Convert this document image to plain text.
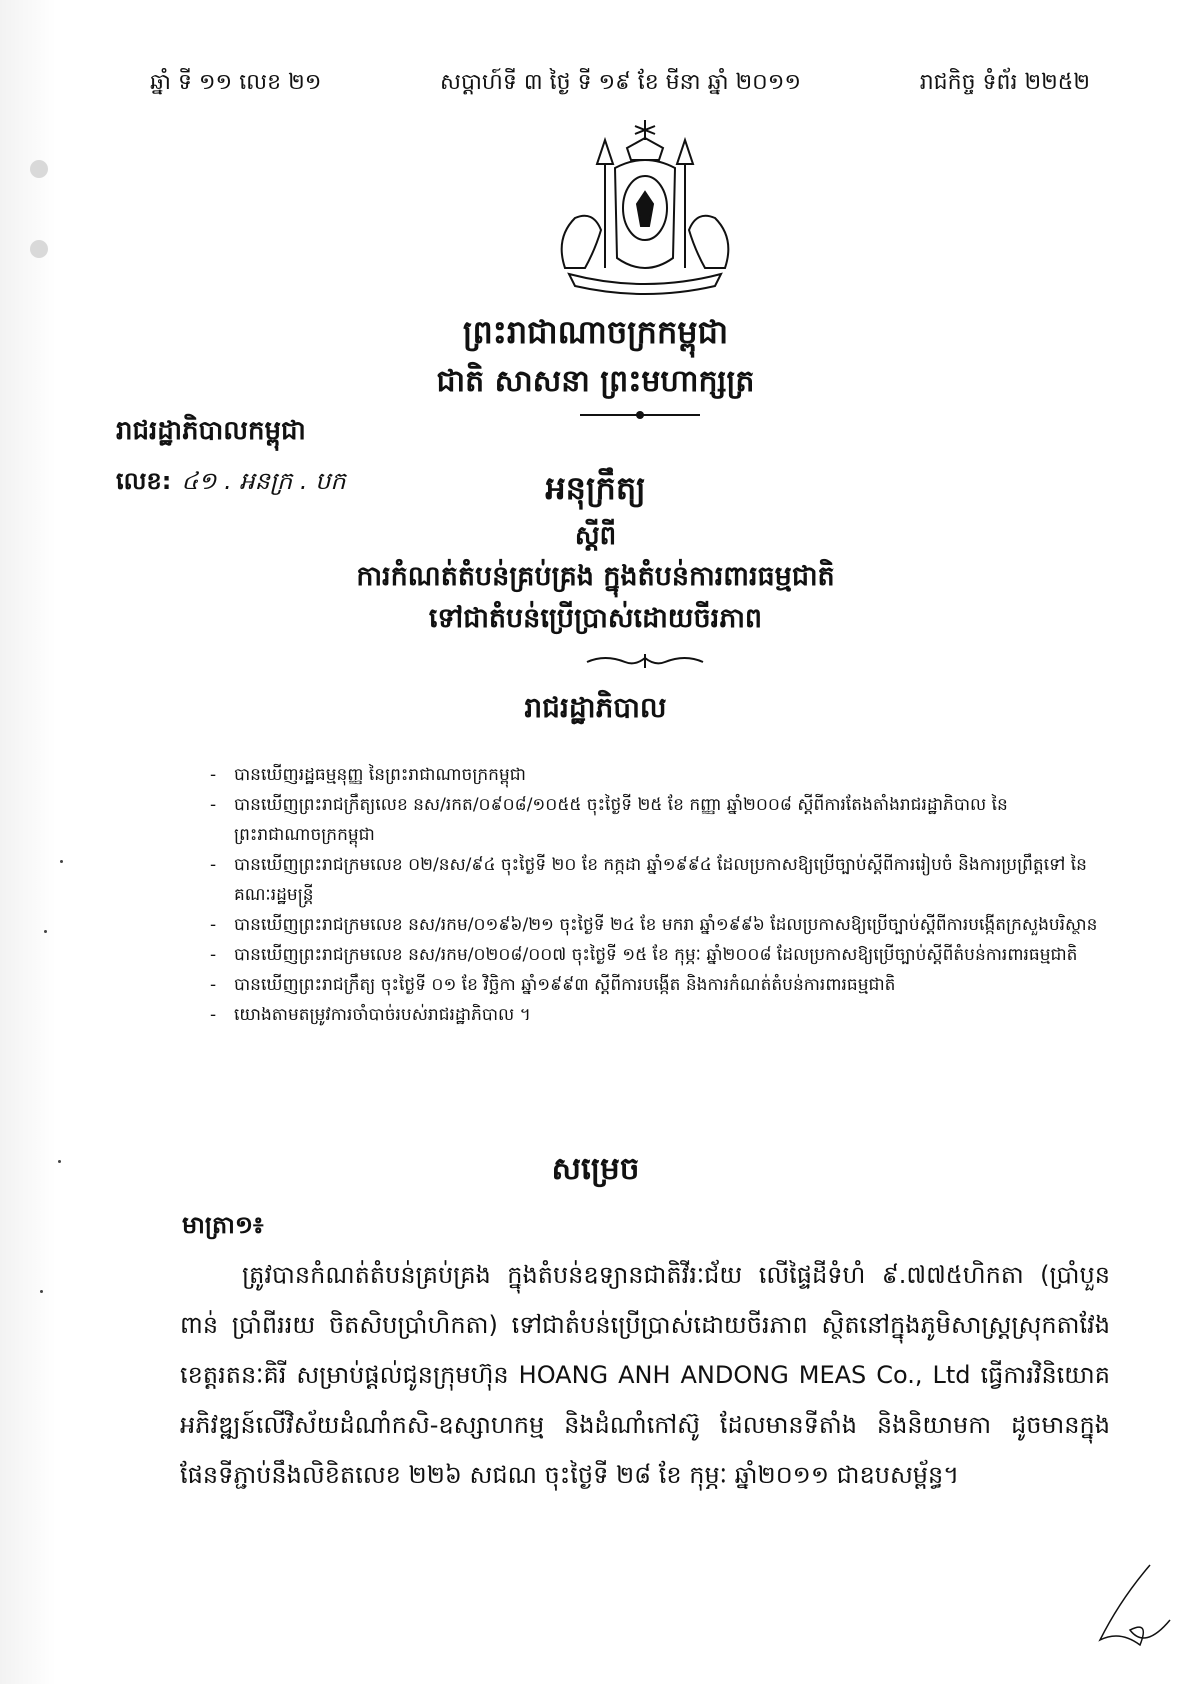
ឆ្នាំ ទី ១១ លេខ ២១	សប្តាហ៍ទី ៣ ថ្ងៃ ទី ១៩ ខែ មីនា ឆ្នាំ ២០១១	រាជកិច្ច ទំព័រ ២២៥២
ព្រះរាជាណាចក្រកម្ពុជា
ជាតិ សាសនា ព្រះមហាក្សត្រ
រាជរដ្ឋាភិបាលកម្ពុជា
លេខ: ៤១ . អនក្រ . បក	អនុក្រឹត្យ
ស្តីពី
ការកំណត់តំបន់គ្រប់គ្រង ក្នុងតំបន់ការពារធម្មជាតិ
ទៅជាតំបន់ប្រើប្រាស់ដោយចីរភាព
រាជរដ្ឋាភិបាល
- បានឃើញរដ្ឋធម្មនុញ្ញ នៃព្រះរាជាណាចក្រកម្ពុជា
- បានឃើញព្រះរាជក្រឹត្យលេខ នស/រកត/០៩០៨/១០៥៥ ចុះថ្ងៃទី ២៥ ខែ កញ្ញា ឆ្នាំ២០០៨ ស្តីពីការតែងតាំងរាជរដ្ឋាភិបាល នៃព្រះរាជាណាចក្រកម្ពុជា
- បានឃើញព្រះរាជក្រមលេខ ០២/នស/៩៤ ចុះថ្ងៃទី ២០ ខែ កក្កដា ឆ្នាំ១៩៩៤ ដែលប្រកាសឱ្យប្រើច្បាប់ស្តីពីការរៀបចំ និងការប្រព្រឹត្តទៅ នៃគណៈរដ្ឋមន្ត្រី
- បានឃើញព្រះរាជក្រមលេខ នស/រកម/០១៩៦/២១ ចុះថ្ងៃទី ២៤ ខែ មករា ឆ្នាំ១៩៩៦ ដែលប្រកាសឱ្យប្រើច្បាប់ស្តីពីការបង្កើតក្រសួងបរិស្ថាន
- បានឃើញព្រះរាជក្រមលេខ នស/រកម/០២០៨/០០៧ ចុះថ្ងៃទី ១៥ ខែ កុម្ភៈ ឆ្នាំ២០០៨ ដែលប្រកាសឱ្យប្រើច្បាប់ស្តីពីតំបន់ការពារធម្មជាតិ
- បានឃើញព្រះរាជក្រឹត្យ ចុះថ្ងៃទី ០១ ខែ វិច្ឆិកា ឆ្នាំ១៩៩៣ ស្តីពីការបង្កើត និងការកំណត់តំបន់ការពារធម្មជាតិ
- យោងតាមតម្រូវការចាំបាច់របស់រាជរដ្ឋាភិបាល ។
សម្រេច
មាត្រា១៖
ត្រូវបានកំណត់តំបន់គ្រប់គ្រង ក្នុងតំបន់ឧទ្យានជាតិវីរៈជ័យ លើផ្ទៃដីទំហំ ៩.៧៧៥ហិកតា (ប្រាំបួនពាន់ ប្រាំពីររយ ចិតសិបប្រាំហិកតា) ទៅជាតំបន់ប្រើប្រាស់ដោយចីរភាព ស្ថិតនៅក្នុងភូមិសាស្ត្រស្រុកតាវែង ខេត្តរតនៈគិរី សម្រាប់ផ្តល់ជូនក្រុមហ៊ុន HOANG ANH ANDONG MEAS Co., Ltd ធ្វើការវិនិយោគអភិវឌ្ឍន៍លើវិស័យដំណាំកសិ-ឧស្សាហកម្ម និងដំណាំកៅស៊ូ ដែលមានទីតាំង និងនិយាមកា ដូចមានក្នុងផែនទីភ្ជាប់នឹងលិខិតលេខ ២២៦ សជណ ចុះថ្ងៃទី ២៨ ខែ កុម្ភៈ ឆ្នាំ២០១១ ជាឧបសម្ព័ន្ធ។
